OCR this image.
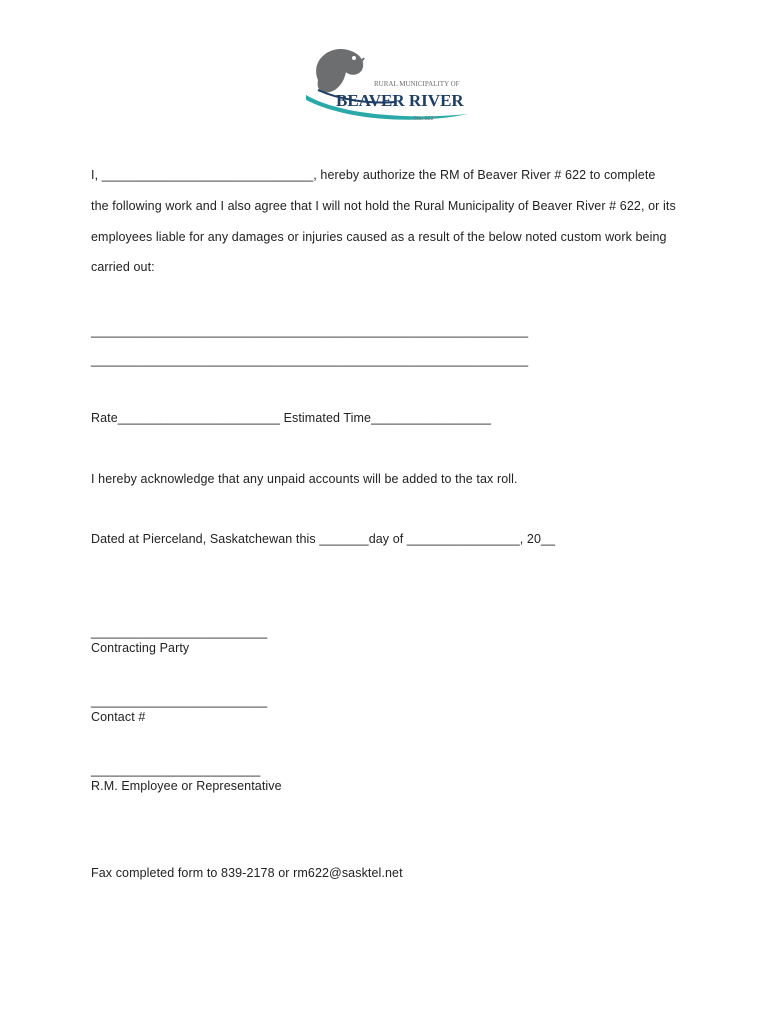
RURAL MUNICIPALITY OF
BEAVER RIVER
No. 622
I, ______________________________, hereby authorize the RM of Beaver River # 622 to complete
the following work and I also agree that I will not hold the Rural Municipality of Beaver River # 622, or its
employees liable for any damages or injuries caused as a result of the below noted custom work being
carried out:
______________________________________________________________
______________________________________________________________
Rate_______________________ Estimated Time_________________
I hereby acknowledge that any unpaid accounts will be added to the tax roll.
Dated at Pierceland, Saskatchewan this _______day of ________________, 20__
_________________________
Contracting Party
_________________________
Contact #
________________________
R.M. Employee or Representative
Fax completed form to 839-2178 or rm622@sasktel.net
